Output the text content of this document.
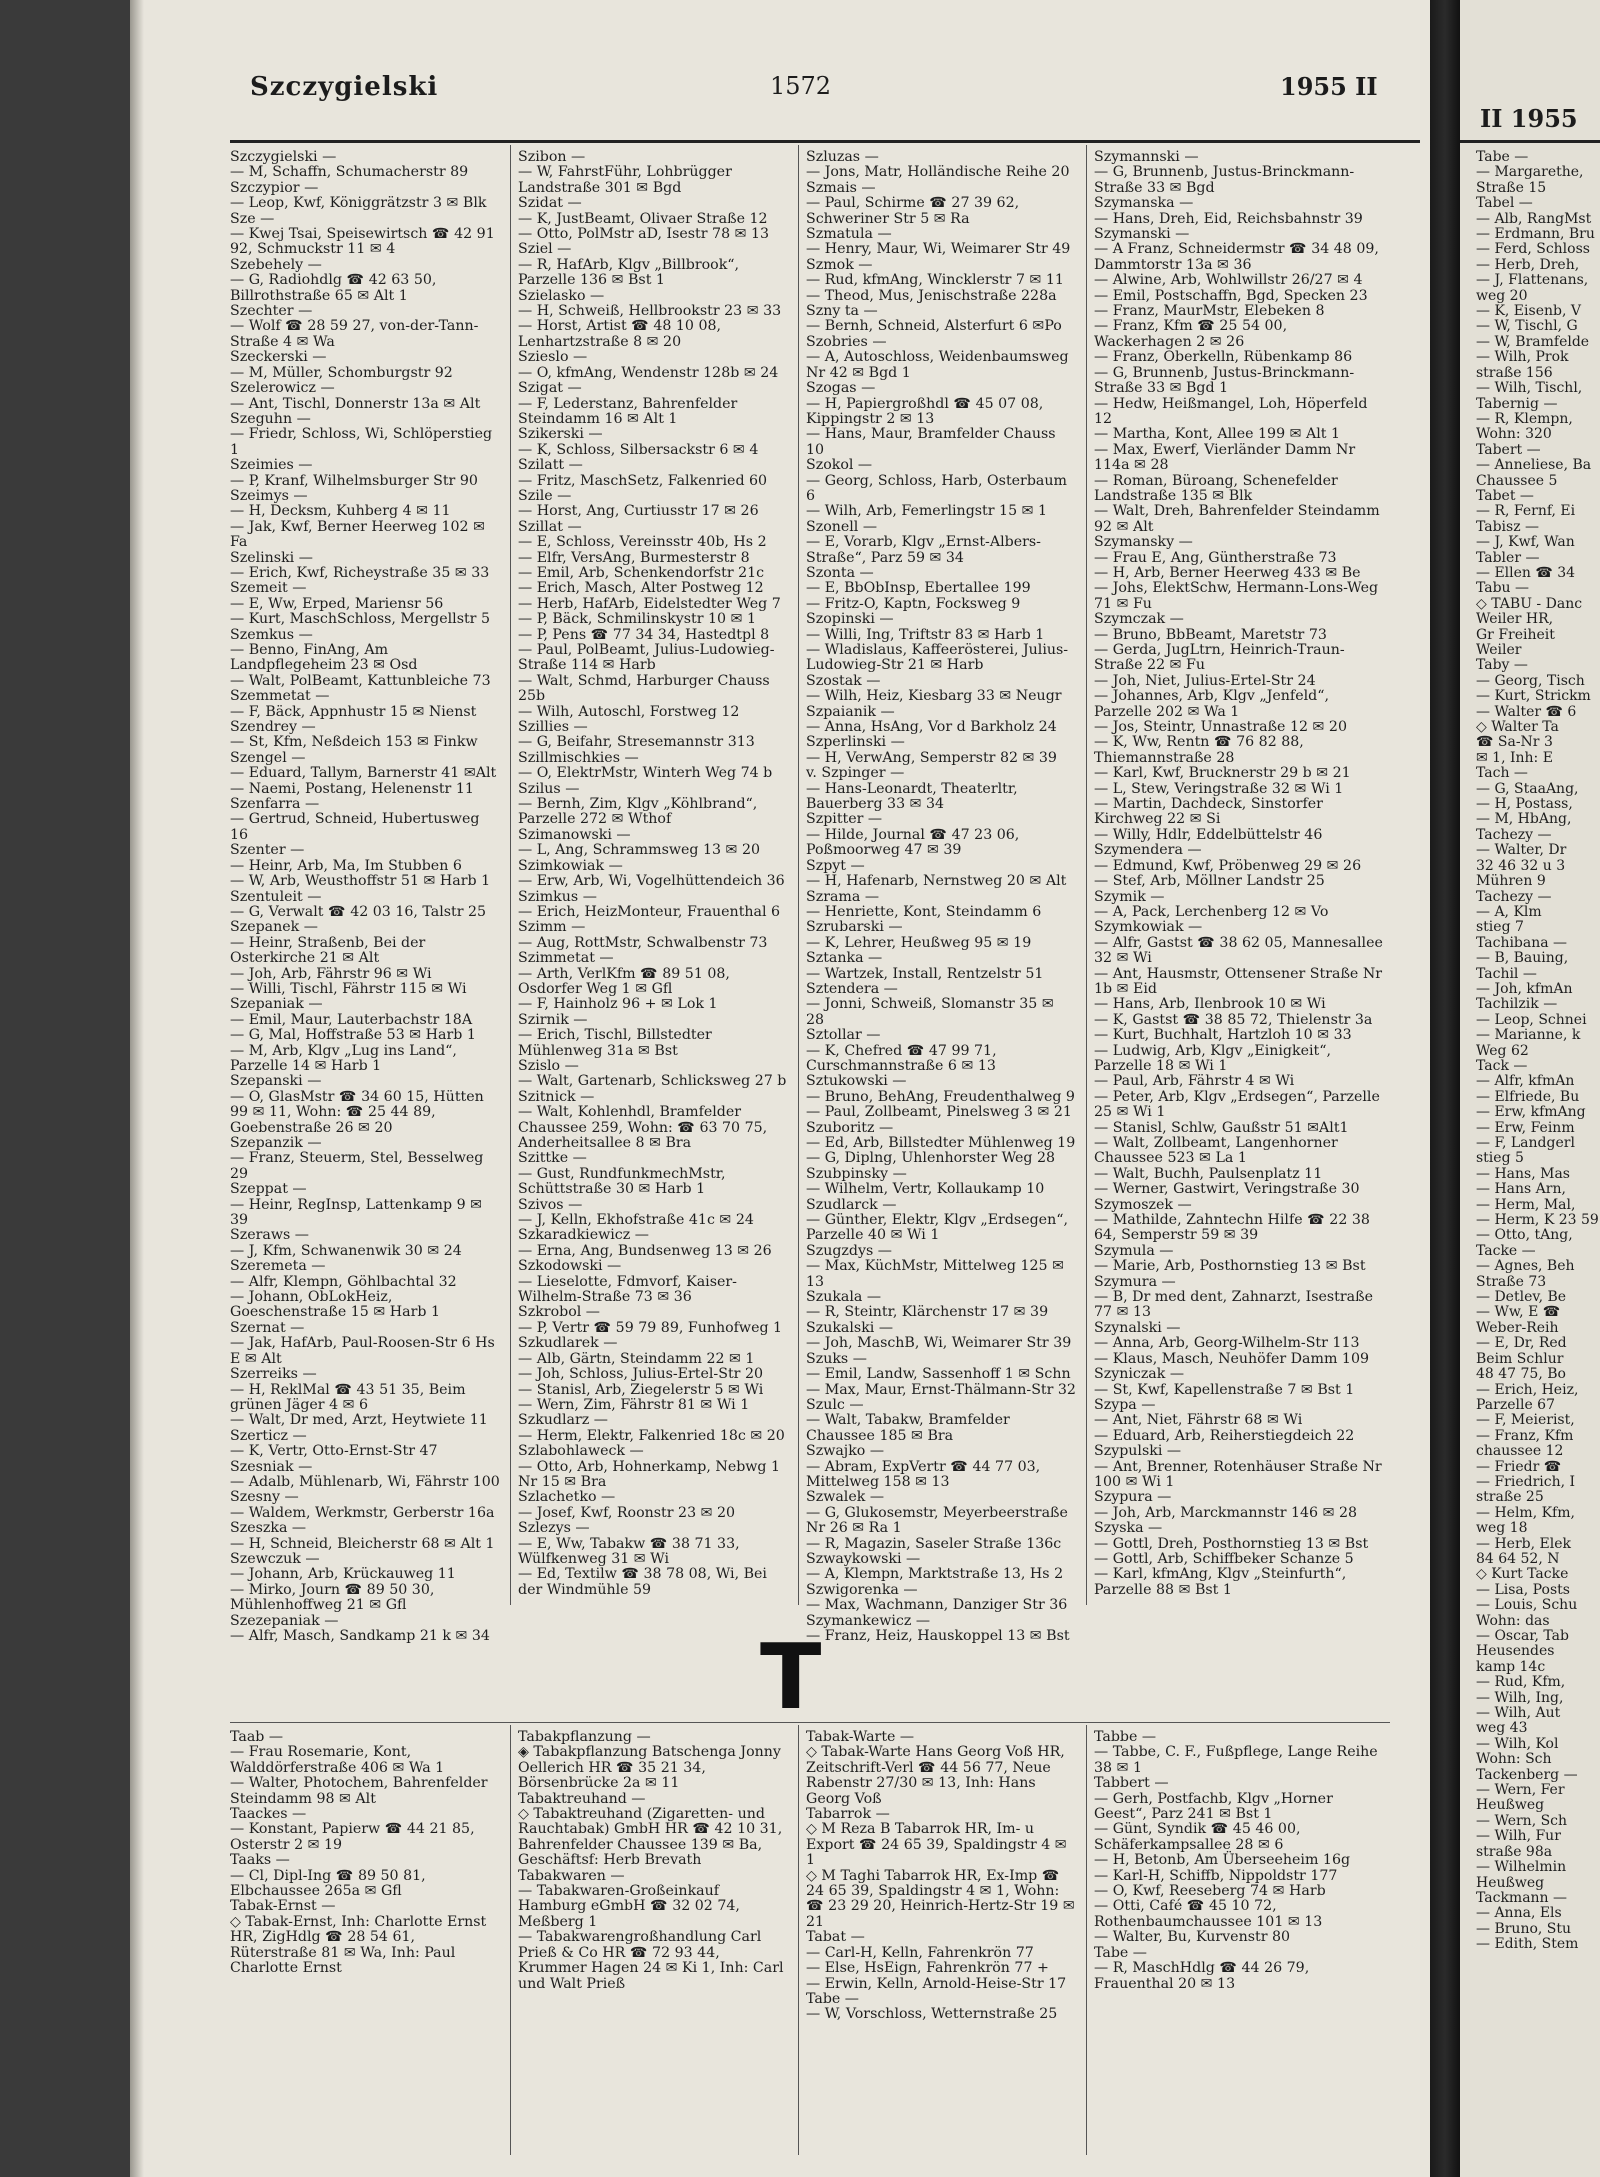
Szczygielski	1572	1955 II
Szczygielski —
— M, Schaffn, Schumacherstr 89
Szczypior —
— Leop, Kwf, Königgrätzstr 3 ✉ Blk
Sze —
— Kwej Tsai, Speisewirtsch ☎ 42 91 92, Schmuckstr 11 ✉ 4
Szebehely —
— G, Radiohdlg ☎ 42 63 50, Billrothstraße 65 ✉ Alt 1
Szechter —
— Wolf ☎ 28 59 27, von-der-Tann-Straße 4 ✉ Wa
Szeckerski —
— M, Müller, Schomburgstr 92
Szelerowicz —
— Ant, Tischl, Donnerstr 13a ✉ Alt
Szeguhn —
— Friedr, Schloss, Wi, Schlöperstieg 1
Szeimies —
— P, Kranf, Wilhelmsburger Str 90
Szeimys —
— H, Decksm, Kuhberg 4 ✉ 11
— Jak, Kwf, Berner Heerweg 102 ✉Fa
Szelinski —
— Erich, Kwf, Richeystraße 35 ✉ 33
Szemeit —
— E, Ww, Erped, Mariensr 56
— Kurt, MaschSchloss, Mergellstr 5
Szemkus —
— Benno, FinAng, Am Landpflegeheim 23 ✉ Osd
— Walt, PolBeamt, Kattunbleiche 73
Szemmetat —
— F, Bäck, Appnhustr 15 ✉ Nienst
Szendrey —
— St, Kfm, Neßdeich 153 ✉ Finkw
Szengel —
— Eduard, Tallym, Barnerstr 41 ✉Alt
— Naemi, Postang, Helenenstr 11
Szenfarra —
— Gertrud, Schneid, Hubertusweg 16
Szenter —
— Heinr, Arb, Ma, Im Stubben 6
— W, Arb, Weusthoffstr 51 ✉ Harb 1
Szentuleit —
— G, Verwalt ☎ 42 03 16, Talstr 25
Szepanek —
— Heinr, Straßenb, Bei der Osterkirche 21 ✉ Alt
— Joh, Arb, Fährstr 96 ✉ Wi
— Willi, Tischl, Fährstr 115 ✉ Wi
Szepaniak —
— Emil, Maur, Lauterbachstr 18A
— G, Mal, Hoffstraße 53 ✉ Harb 1
— M, Arb, Klgv „Lug ins Land“, Parzelle 14 ✉ Harb 1
Szepanski —
— O, GlasMstr ☎ 34 60 15, Hütten 99 ✉ 11, Wohn: ☎ 25 44 89, Goebenstraße 26 ✉ 20
Szepanzik —
— Franz, Steuerm, Stel, Besselweg 29
Szeppat —
— Heinr, RegInsp, Lattenkamp 9 ✉ 39
Szeraws —
— J, Kfm, Schwanenwik 30 ✉ 24
Szeremeta —
— Alfr, Klempn, Göhlbachtal 32
— Johann, ObLokHeiz, Goeschenstraße 15 ✉ Harb 1
Szernat —
— Jak, HafArb, Paul-Roosen-Str 6 Hs E ✉ Alt
Szerreiks —
— H, ReklMal ☎ 43 51 35, Beim grünen Jäger 4 ✉ 6
— Walt, Dr med, Arzt, Heytwiete 11
Szerticz —
— K, Vertr, Otto-Ernst-Str 47
Szesniak —
— Adalb, Mühlenarb, Wi, Fährstr 100
Szesny —
— Waldem, Werkmstr, Gerberstr 16a
Szeszka —
— H, Schneid, Bleicherstr 68 ✉ Alt 1
Szewczuk —
— Johann, Arb, Krückauweg 11
— Mirko, Journ ☎ 89 50 30, Mühlenhoffweg 21 ✉ Gfl
Szezepaniak —
— Alfr, Masch, Sandkamp 21 k ✉ 34
Szibon —
— W, FahrstFühr, Lohbrügger Landstraße 301 ✉ Bgd
Szidat —
— K, JustBeamt, Olivaer Straße 12
— Otto, PolMstr aD, Isestr 78 ✉ 13
Sziel —
— R, HafArb, Klgv „Billbrook“, Parzelle 136 ✉ Bst 1
Szielasko —
— H, Schweiß, Hellbrookstr 23 ✉ 33
— Horst, Artist ☎ 48 10 08, Lenhartzstraße 8 ✉ 20
Szieslo —
— O, kfmAng, Wendenstr 128b ✉ 24
Szigat —
— F, Lederstanz, Bahrenfelder Steindamm 16 ✉ Alt 1
Szikerski —
— K, Schloss, Silbersackstr 6 ✉ 4
Szilatt —
— Fritz, MaschSetz, Falkenried 60
Szile —
— Horst, Ang, Curtiusstr 17 ✉ 26
Szillat —
— E, Schloss, Vereinsstr 40b, Hs 2
— Elfr, VersAng, Burmesterstr 8
— Emil, Arb, Schenkendorfstr 21c
— Erich, Masch, Alter Postweg 12
— Herb, HafArb, Eidelstedter Weg 7
— P, Bäck, Schmilinskystr 10 ✉ 1
— P, Pens ☎ 77 34 34, Hastedtpl 8
— Paul, PolBeamt, Julius-Ludowieg-Straße 114 ✉ Harb
— Walt, Schmd, Harburger Chauss 25b
— Wilh, Autoschl, Forstweg 12
Szillies —
— G, Beifahr, Stresemannstr 313
Szillmischkies —
— O, ElektrMstr, Winterh Weg 74 b
Szilus —
— Bernh, Zim, Klgv „Köhlbrand“, Parzelle 272 ✉ Wthof
Szimanowski —
— L, Ang, Schrammsweg 13 ✉ 20
Szimkowiak —
— Erw, Arb, Wi, Vogelhüttendeich 36
Szimkus —
— Erich, HeizMonteur, Frauenthal 6
Szimm —
— Aug, RottMstr, Schwalbenstr 73
Szimmetat —
— Arth, VerlKfm ☎ 89 51 08, Osdorfer Weg 1 ✉ Gfl
— F, Hainholz 96 + ✉ Lok 1
Szirnik —
— Erich, Tischl, Billstedter Mühlenweg 31a ✉ Bst
Szislo —
— Walt, Gartenarb, Schlicksweg 27 b
Szitnick —
— Walt, Kohlenhdl, Bramfelder Chaussee 259, Wohn: ☎ 63 70 75, Anderheitsallee 8 ✉ Bra
Szittke —
— Gust, RundfunkmechMstr, Schüttstraße 30 ✉ Harb 1
Szivos —
— J, Kelln, Ekhofstraße 41c ✉ 24
Szkaradkiewicz —
— Erna, Ang, Bundsenweg 13 ✉ 26
Szkodowski —
— Lieselotte, Fdmvorf, Kaiser-Wilhelm-Straße 73 ✉ 36
Szkrobol —
— P, Vertr ☎ 59 79 89, Funhofweg 1
Szkudlarek —
— Alb, Gärtn, Steindamm 22 ✉ 1
— Joh, Schloss, Julius-Ertel-Str 20
— Stanisl, Arb, Ziegelerstr 5 ✉ Wi
— Wern, Zim, Fährstr 81 ✉ Wi 1
Szkudlarz —
— Herm, Elektr, Falkenried 18c ✉ 20
Szlabohlaweck —
— Otto, Arb, Hohnerkamp, Nebwg 1 Nr 15 ✉ Bra
Szlachetko —
— Josef, Kwf, Roonstr 23 ✉ 20
Szlezys —
— E, Ww, Tabakw ☎ 38 71 33, Wülfkenweg 31 ✉ Wi
— Ed, Textilw ☎ 38 78 08, Wi, Bei der Windmühle 59
Szluzas —
— Jons, Matr, Holländische Reihe 20
Szmais —
— Paul, Schirme ☎ 27 39 62, Schweriner Str 5 ✉ Ra
Szmatula —
— Henry, Maur, Wi, Weimarer Str 49
Szmok —
— Rud, kfmAng, Wincklerstr 7 ✉ 11
— Theod, Mus, Jenischstraße 228a
Szny ta —
— Bernh, Schneid, Alsterfurt 6 ✉Po
Szobries —
— A, Autoschloss, Weidenbaumsweg Nr 42 ✉ Bgd 1
Szogas —
— H, Papiergroßhdl ☎ 45 07 08, Kippingstr 2 ✉ 13
— Hans, Maur, Bramfelder Chauss 10
Szokol —
— Georg, Schloss, Harb, Osterbaum 6
— Wilh, Arb, Femerlingstr 15 ✉ 1
Szonell —
— E, Vorarb, Klgv „Ernst-Albers-Straße“, Parz 59 ✉ 34
Szonta —
— E, BbObInsp, Ebertallee 199
— Fritz-O, Kaptn, Focksweg 9
Szopinski —
— Willi, Ing, Triftstr 83 ✉ Harb 1
— Wladislaus, Kaffeerösterei, Julius-Ludowieg-Str 21 ✉ Harb
Szostak —
— Wilh, Heiz, Kiesbarg 33 ✉ Neugr
Szpaianik —
— Anna, HsAng, Vor d Barkholz 24
Szperlinski —
— H, VerwAng, Semperstr 82 ✉ 39
v. Szpinger —
— Hans-Leonardt, Theaterltr, Bauerberg 33 ✉ 34
Szpitter —
— Hilde, Journal ☎ 47 23 06, Poßmoorweg 47 ✉ 39
Szpyt —
— H, Hafenarb, Nernstweg 20 ✉ Alt
Szrama —
— Henriette, Kont, Steindamm 6
Szrubarski —
— K, Lehrer, Heußweg 95 ✉ 19
Sztanka —
— Wartzek, Install, Rentzelstr 51
Sztendera —
— Jonni, Schweiß, Slomanstr 35 ✉ 28
Sztollar —
— K, Chefred ☎ 47 99 71, Curschmannstraße 6 ✉ 13
Sztukowski —
— Bruno, BehAng, Freudenthalweg 9
— Paul, Zollbeamt, Pinelsweg 3 ✉ 21
Szuboritz —
— Ed, Arb, Billstedter Mühlenweg 19
— G, Diplng, Uhlenhorster Weg 28
Szubpinsky —
— Wilhelm, Vertr, Kollaukamp 10
Szudlarck —
— Günther, Elektr, Klgv „Erdsegen“, Parzelle 40 ✉ Wi 1
Szugzdys —
— Max, KüchMstr, Mittelweg 125 ✉ 13
Szukala —
— R, Steintr, Klärchenstr 17 ✉ 39
Szukalski —
— Joh, MaschB, Wi, Weimarer Str 39
Szuks —
— Emil, Landw, Sassenhoff 1 ✉ Schn
— Max, Maur, Ernst-Thälmann-Str 32
Szulc —
— Walt, Tabakw, Bramfelder Chaussee 185 ✉ Bra
Szwajko —
— Abram, ExpVertr ☎ 44 77 03, Mittelweg 158 ✉ 13
Szwalek —
— G, Glukosemstr, Meyerbeerstraße Nr 26 ✉ Ra 1
— R, Magazin, Saseler Straße 136c
Szwaykowski —
— A, Klempn, Marktstraße 13, Hs 2
Szwigorenka —
— Max, Wachmann, Danziger Str 36
Szymankewicz —
— Franz, Heiz, Hauskoppel 13 ✉ Bst
Szymannski —
— G, Brunnenb, Justus-Brinckmann-Straße 33 ✉ Bgd
Szymanska —
— Hans, Dreh, Eid, Reichsbahnstr 39
Szymanski —
— A Franz, Schneidermstr ☎ 34 48 09, Dammtorstr 13a ✉ 36
— Alwine, Arb, Wohlwillstr 26/27 ✉ 4
— Emil, Postschaffn, Bgd, Specken 23
— Franz, MaurMstr, Elebeken 8
— Franz, Kfm ☎ 25 54 00, Wackerhagen 2 ✉ 26
— Franz, Oberkelln, Rübenkamp 86
— G, Brunnenb, Justus-Brinckmann-Straße 33 ✉ Bgd 1
— Hedw, Heißmangel, Loh, Höperfeld 12
— Martha, Kont, Allee 199 ✉ Alt 1
— Max, Ewerf, Vierländer Damm Nr 114a ✉ 28
— Roman, Büroang, Schenefelder Landstraße 135 ✉ Blk
— Walt, Dreh, Bahrenfelder Steindamm 92 ✉ Alt
Szymansky —
— Frau E, Ang, Güntherstraße 73
— H, Arb, Berner Heerweg 433 ✉ Be
— Johs, ElektSchw, Hermann-Lons-Weg 71 ✉ Fu
Szymczak —
— Bruno, BbBeamt, Maretstr 73
— Gerda, JugLtrn, Heinrich-Traun-Straße 22 ✉ Fu
— Joh, Niet, Julius-Ertel-Str 24
— Johannes, Arb, Klgv „Jenfeld“, Parzelle 202 ✉ Wa 1
— Jos, Steintr, Unnastraße 12 ✉ 20
— K, Ww, Rentn ☎ 76 82 88, Thiemannstraße 28
— Karl, Kwf, Brucknerstr 29 b ✉ 21
— L, Stew, Veringstraße 32 ✉ Wi 1
— Martin, Dachdeck, Sinstorfer Kirchweg 22 ✉ Si
— Willy, Hdlr, Eddelbüttelstr 46
Szymendera —
— Edmund, Kwf, Pröbenweg 29 ✉ 26
— Stef, Arb, Möllner Landstr 25
Szymik —
— A, Pack, Lerchenberg 12 ✉ Vo
Szymkowiak —
— Alfr, Gastst ☎ 38 62 05, Mannesallee 32 ✉ Wi
— Ant, Hausmstr, Ottensener Straße Nr 1b ✉ Eid
— Hans, Arb, Ilenbrook 10 ✉ Wi
— K, Gastst ☎ 38 85 72, Thielenstr 3a
— Kurt, Buchhalt, Hartzloh 10 ✉ 33
— Ludwig, Arb, Klgv „Einigkeit“, Parzelle 18 ✉ Wi 1
— Paul, Arb, Fährstr 4 ✉ Wi
— Peter, Arb, Klgv „Erdsegen“, Parzelle 25 ✉ Wi 1
— Stanisl, Schlw, Gaußstr 51 ✉Alt1
— Walt, Zollbeamt, Langenhorner Chaussee 523 ✉ La 1
— Walt, Buchh, Paulsenplatz 11
— Werner, Gastwirt, Veringstraße 30
Szymoszek —
— Mathilde, Zahntechn Hilfe ☎ 22 38 64, Semperstr 59 ✉ 39
Szymula —
— Marie, Arb, Posthornstieg 13 ✉ Bst
Szymura —
— B, Dr med dent, Zahnarzt, Isestraße 77 ✉ 13
Szynalski —
— Anna, Arb, Georg-Wilhelm-Str 113
— Klaus, Masch, Neuhöfer Damm 109
Szyniczak —
— St, Kwf, Kapellenstraße 7 ✉ Bst 1
Szypa —
— Ant, Niet, Fährstr 68 ✉ Wi
— Eduard, Arb, Reiherstiegdeich 22
Szypulski —
— Ant, Brenner, Rotenhäuser Straße Nr 100 ✉ Wi 1
Szypura —
— Joh, Arb, Marckmannstr 146 ✉ 28
Szyska —
— Gottl, Dreh, Posthornstieg 13 ✉ Bst
— Gottl, Arb, Schiffbeker Schanze 5
— Karl, kfmAng, Klgv „Steinfurth“, Parzelle 88 ✉ Bst 1
T
Taab —
— Frau Rosemarie, Kont, Walddörferstraße 406 ✉ Wa 1
— Walter, Photochem, Bahrenfelder Steindamm 98 ✉ Alt
Taackes —
— Konstant, Papierw ☎ 44 21 85, Osterstr 2 ✉ 19
Taaks —
— Cl, Dipl-Ing ☎ 89 50 81, Elbchaussee 265a ✉ Gfl
Tabak-Ernst —
◇ Tabak-Ernst, Inh: Charlotte Ernst HR, ZigHdlg ☎ 28 54 61, Rüterstraße 81 ✉ Wa, Inh: Paul Charlotte Ernst
Tabakpflanzung —
◈ Tabakpflanzung Batschenga Jonny Oellerich HR ☎ 35 21 34, Börsenbrücke 2a ✉ 11
Tabaktreuhand —
◇ Tabaktreuhand (Zigaretten- und Rauchtabak) GmbH HR ☎ 42 10 31, Bahrenfelder Chaussee 139 ✉ Ba, Geschäftsf: Herb Brevath
Tabakwaren —
— Tabakwaren-Großeinkauf Hamburg eGmbH ☎ 32 02 74, Meßberg 1
— Tabakwarengroßhandlung Carl Prieß & Co HR ☎ 72 93 44, Krummer Hagen 24 ✉ Ki 1, Inh: Carl und Walt Prieß
Tabak-Warte —
◇ Tabak-Warte Hans Georg Voß HR, Zeitschrift-Verl ☎ 44 56 77, Neue Rabenstr 27/30 ✉ 13, Inh: Hans Georg Voß
Tabarrok —
◇ M Reza B Tabarrok HR, Im- u Export ☎ 24 65 39, Spaldingstr 4 ✉ 1
◇ M Taghi Tabarrok HR, Ex-Imp ☎ 24 65 39, Spaldingstr 4 ✉ 1, Wohn: ☎ 23 29 20, Heinrich-Hertz-Str 19 ✉ 21
Tabat —
— Carl-H, Kelln, Fahrenkrön 77
— Else, HsEign, Fahrenkrön 77 +
— Erwin, Kelln, Arnold-Heise-Str 17
Tabe —
— W, Vorschloss, Wetternstraße 25
Tabbe —
— Tabbe, C. F., Fußpflege, Lange Reihe 38 ✉ 1
Tabbert —
— Gerh, Postfachb, Klgv „Horner Geest“, Parz 241 ✉ Bst 1
— Günt, Syndik ☎ 45 46 00, Schäferkampsallee 28 ✉ 6
— H, Betonb, Am Überseeheim 16g
— Karl-H, Schiffb, Nippoldstr 177
— O, Kwf, Reeseberg 74 ✉ Harb
— Otti, Café ☎ 45 10 72, Rothenbaumchaussee 101 ✉ 13
— Walter, Bu, Kurvenstr 80
Tabe —
— R, MaschHdlg ☎ 44 26 79, Frauenthal 20 ✉ 13
II 1955
Tabe —
— Margarethe,
Straße 15
Tabel —
— Alb, RangMst
— Erdmann, Bru
— Ferd, Schloss
— Herb, Dreh,
— J, Flattenans,
weg 20
— K, Eisenb, V
— W, Tischl, G
— W, Bramfelde
— Wilh, Prok
straße 156
— Wilh, Tischl,
Tabernig —
— R, Klempn,
Wohn: 320
Tabert —
— Anneliese, Ba
Chaussee 5
Tabet —
— R, Fernf, Ei
Tabisz —
— J, Kwf, Wan
Tabler —
— Ellen ☎ 34
Tabu —
◇ TABU - Danc
Weiler HR,
Gr Freiheit
Weiler
Taby —
— Georg, Tisch
— Kurt, Strickm
— Walter ☎ 6
◇ Walter Ta
☎ Sa-Nr 3
✉ 1, Inh: E
Tach —
— G, StaaAng,
— H, Postass,
— M, HbAng,
Tachezy —
— Walter, Dr
32 46 32 u 3
Mühren 9
Tachezy —
— A, Klm
stieg 7
Tachibana —
— B, Bauing,
Tachil —
— Joh, kfmAn
Tachilzik —
— Leop, Schnei
— Marianne, k
Weg 62
Tack —
— Alfr, kfmAn
— Elfriede, Bu
— Erw, kfmAng
— Erw, Feinm
— F, Landgerl
stieg 5
— Hans, Mas
— Hans Arn,
— Herm, Mal,
— Herm, K 23 59
— Otto, tAng,
Tacke —
— Agnes, Beh
Straße 73
— Detlev, Be
— Ww, E ☎
Weber-Reih
— E, Dr, Red
Beim Schlur
48 47 75, Bo
— Erich, Heiz,
Parzelle 67
— F, Meierist,
— Franz, Kfm
chaussee 12
— Friedr ☎
— Friedrich, I
straße 25
— Helm, Kfm,
weg 18
— Herb, Elek
84 64 52, N
◇ Kurt Tacke
— Lisa, Posts
— Louis, Schu
Wohn: das
— Oscar, Tab
Heusendes
kamp 14c
— Rud, Kfm,
— Wilh, Ing,
— Wilh, Aut
weg 43
— Wilh, Kol
Wohn: Sch
Tackenberg —
— Wern, Fer
Heußweg
— Wern, Sch
— Wilh, Fur
straße 98a
— Wilhelmin
Heußweg
Tackmann —
— Anna, Els
— Bruno, Stu
— Edith, Stem
